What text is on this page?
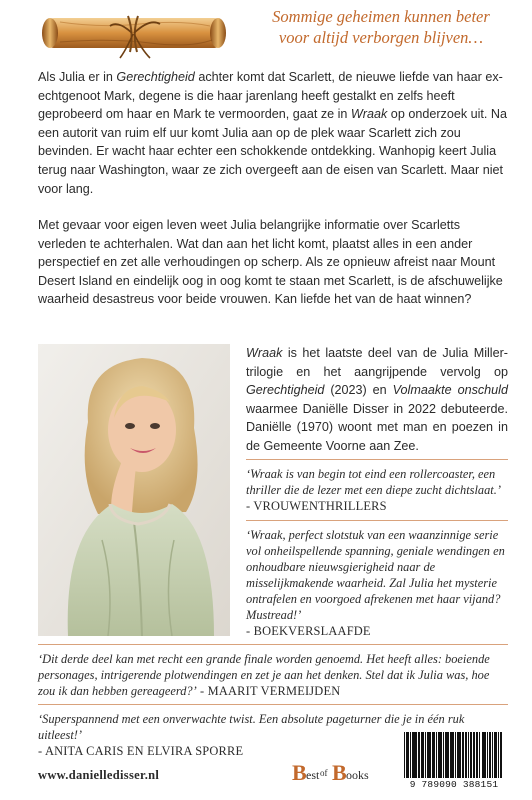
Sommige geheimen kunnen beter
voor altijd verborgen blijven…
Als Julia er in Gerechtigheid achter komt dat Scarlett, de nieuwe liefde van haar ex-echtgenoot Mark, degene is die haar jarenlang heeft gestalkt en zelfs heeft geprobeerd om haar en Mark te vermoorden, gaat ze in Wraak op onderzoek uit. Na een autorit van ruim elf uur komt Julia aan op de plek waar Scarlett zich zou bevinden. Er wacht haar echter een schokkende ontdekking. Wanhopig keert Julia terug naar Washington, waar ze zich overgeeft aan de eisen van Scarlett. Maar niet voor lang.
Met gevaar voor eigen leven weet Julia belangrijke informatie over Scarletts verleden te achterhalen. Wat dan aan het licht komt, plaatst alles in een ander perspectief en zet alle verhoudingen op scherp. Als ze opnieuw afreist naar Mount Desert Island en eindelijk oog in oog komt te staan met Scarlett, is de afschuwelijke waarheid desastreus voor beide vrouwen. Kan liefde het van de haat winnen?
Wraak is het laatste deel van de Julia Miller-trilogie en het aangrijpende vervolg op Gerechtigheid (2023) en Volmaakte onschuld waarmee Daniëlle Disser in 2022 debuteerde. Daniëlle (1970) woont met man en poezen in de Gemeente Voorne aan Zee.
‘Wraak is van begin tot eind een rollercoaster, een thriller die de lezer met een diepe zucht dichtslaat.’ - VROUWENTHRILLERS
‘Wraak, perfect slotstuk van een waanzinnige serie vol onheilspellende spanning, geniale wendingen en onhoudbare nieuwsgierigheid naar de misselijkmakende waarheid. Zal Julia het mysterie ontrafelen en voorgoed afrekenen met haar vijand? Mustread!’
- BOEKVERSLAAFDE
‘Dit derde deel kan met recht een grande finale worden genoemd. Het heeft alles: boeiende personages, intrigerende plotwendingen en zet je aan het denken. Stel dat ik Julia was, hoe zou ik dan hebben gereageerd?’ - MAARIT VERMEIJDEN
‘Superspannend met een onverwachte twist. Een absolute pageturner die je in één ruk uitleest!’
- ANITA CARIS EN ELVIRA SPORRE
www.danielledisser.nl	B est of B ooks
9 789090 388151
